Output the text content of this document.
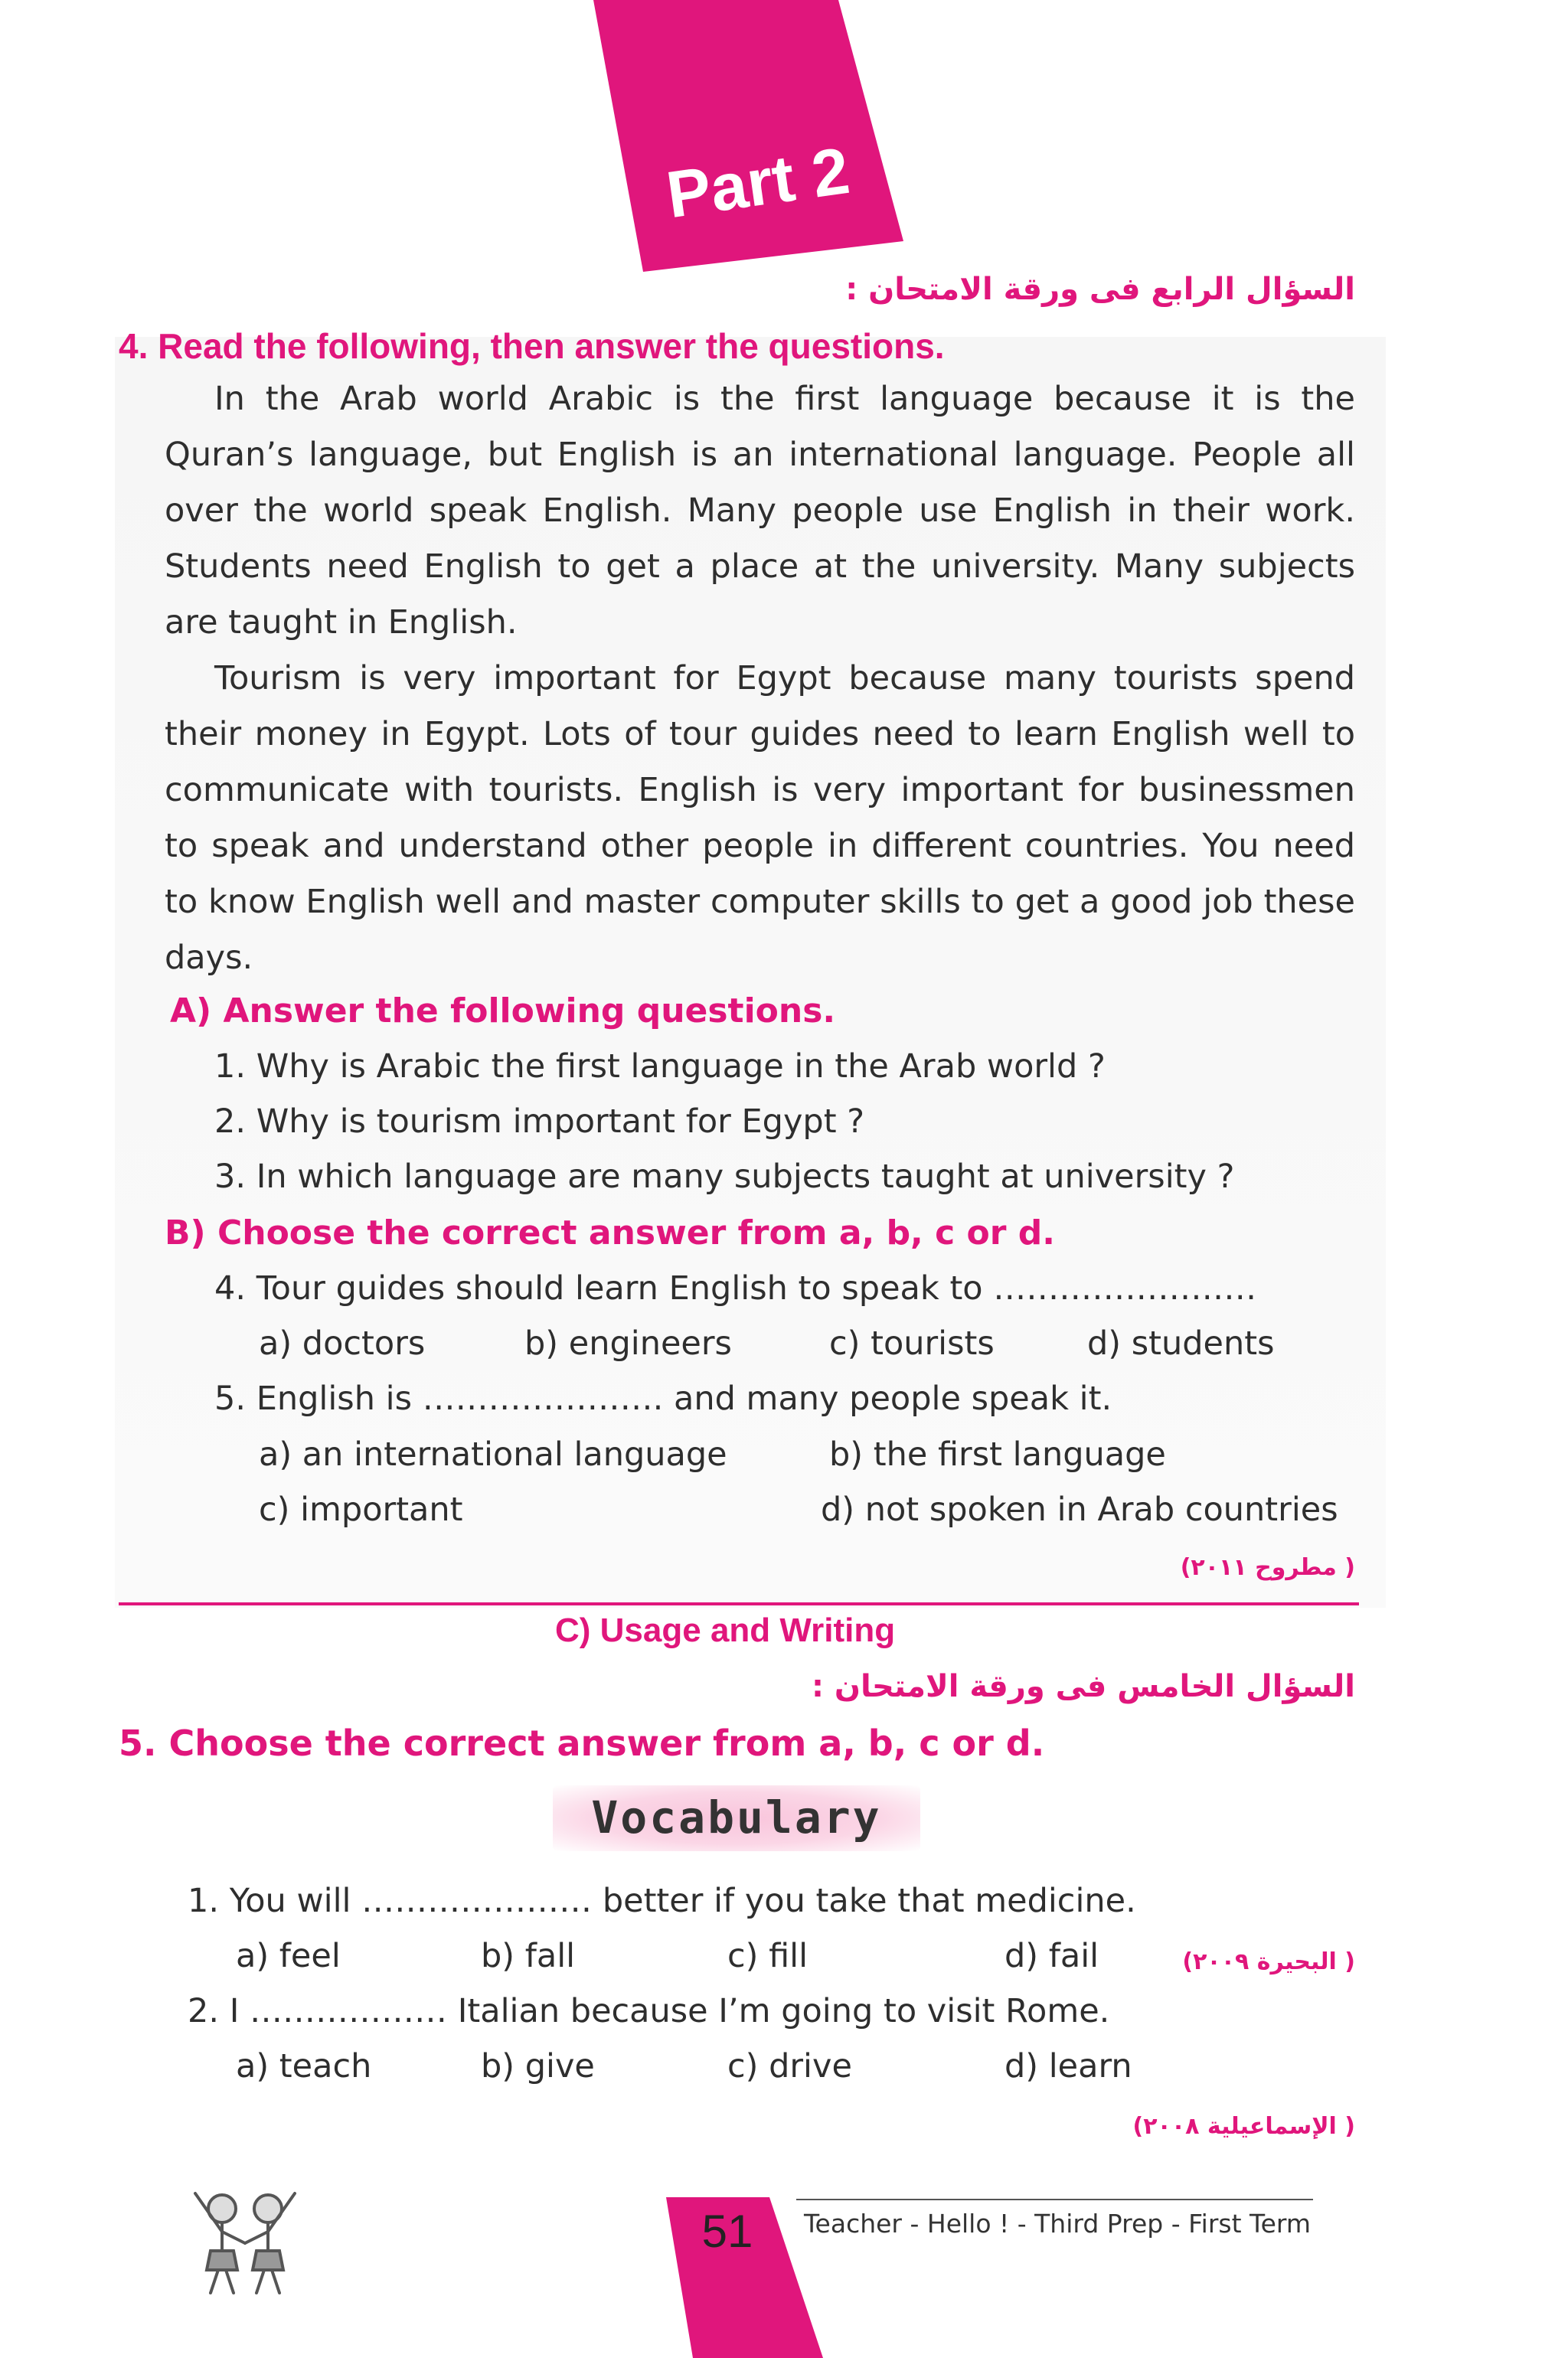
Part 2
السؤال الرابع فى ورقة الامتحان :
4. Read the following, then answer the questions.
In the Arab world Arabic is the first language because it is the Quran’s language, but English is an international language. People all over the world speak English. Many people use English in their work. Students need English to get a place at the university. Many subjects are taught in English.
Tourism is very important for Egypt because many tourists spend their money in Egypt. Lots of tour guides need to learn English well to communicate with tourists. English is very important for businessmen to speak and understand other people in different countries. You need to know English well and master computer skills to get a good job these days.
A) Answer the following questions.
1. Why is Arabic the first language in the Arab world ?
2. Why is tourism important for Egypt ?
3. In which language are many subjects taught at university ?
B) Choose the correct answer from a, b, c or d.
4. Tour guides should learn English to speak to ……………………
a) doctors	b) engineers	c) tourists	d) students
5. English is …………………. and many people speak it.
a) an international language	b) the first language
c) important	d) not spoken in Arab countries
( مطروح ٢٠١١)
C) Usage and Writing
السؤال الخامس فى ورقة الامتحان :
5. Choose the correct answer from a, b, c or d.
Vocabulary
1. You will ………………… better if you take that medicine.
a) feel	b) fall	c) fill	d) fail	( البحيرة ٢٠٠٩)
2. I ……………… Italian because I’m going to visit Rome.
a) teach	b) give	c) drive	d) learn
( الإسماعيلية ٢٠٠٨)
51	Teacher - Hello ! - Third Prep - First Term
